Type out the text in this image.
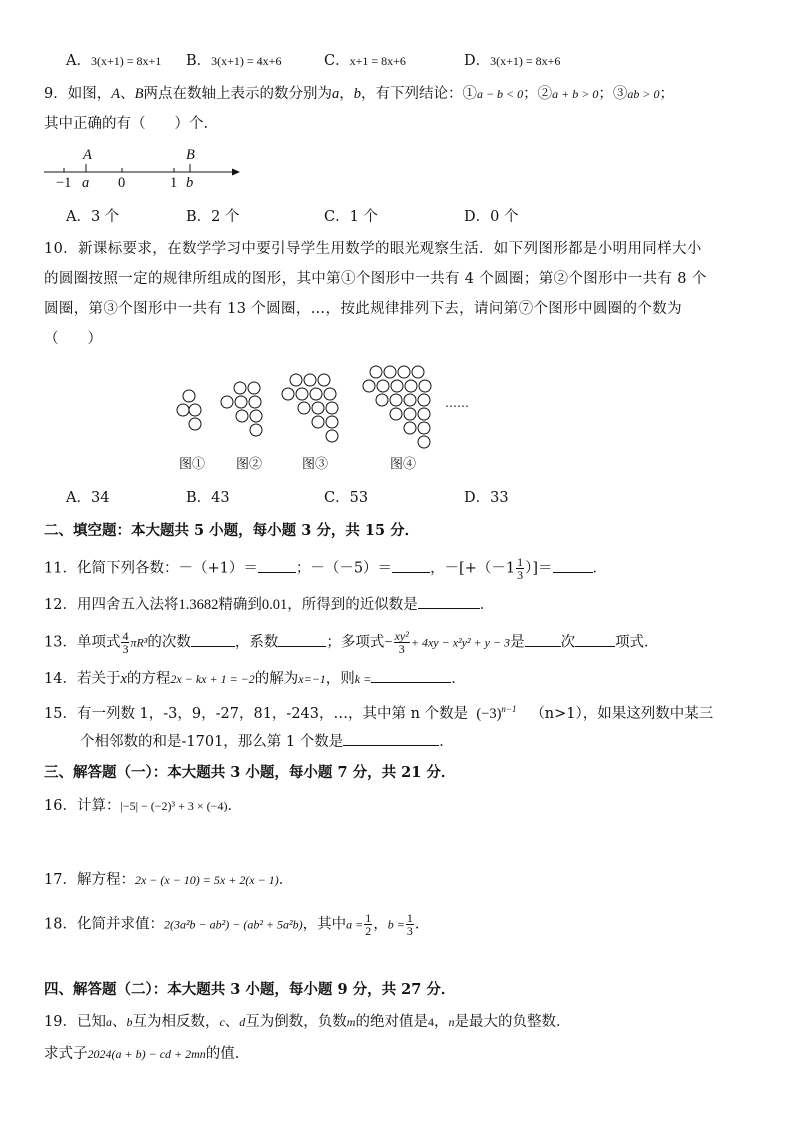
A．3(x+1) = 8x+1 B．3(x+1) = 4x+6	C．x+1 = 8x+6	D．3(x+1) = 8x+6
9．如图，A、B两点在数轴上表示的数分别为a，b，有下列结论：①a − b < 0；②a + b > 0；③ab > 0；
其中正确的有（　　）个．
A	B
−1 a 0	1 b
A．3 个	B．2 个	C．1 个	D．0 个
10．新课标要求，在数学学习中要引导学生用数学的眼光观察生活．如下列图形都是小明用同样大小
的圆圈按照一定的规律所组成的图形，其中第①个图形中一共有 4 个圆圈；第②个图形中一共有 8 个
圆圈，第③个图形中一共有 13 个圆圈，…，按此规律排列下去，请问第⑦个图形中圆圈的个数为
（　　）
……
图① 图②	图③	图④
A．34	B．43	C．53	D．33
二、填空题：本大题共 5 小题，每小题 3 分，共 15 分．
11．化简下列各数：－（+1）＝	；－（－5）＝	，$-[+(-1 \frac{1}{3}$ ）]＝	．
12．用四舍五入法将1.3682精确到0.01，所得到的近似数是	．
13．单项式 $\frac{4}{3} \pi R^3$的次数	，系数	；多项式− $\frac{\text{xy²}}{3} + 4xy - x^2y^2 + y - 3$是 次	项式．
14．若关于x的方程2x − kx + 1 = −2的解为x=−1，则k =	．
15．有一列数 1，-3，9，-27，81，-243，…，其中第 n 个数是 $(-3)^{n-1}$ （n>1），如果这列数中某三
个相邻数的和是-1701，那么第 1 个数是	．
三、解答题（一）：本大题共 3 小题，每小题 7 分，共 21 分．
16．计算：|−5| − (−2)³ + 3 × (−4)．
17．解方程：2x − (x − 10) = 5x + 2(x − 1)．
18．化简并求值：2(3a²b − ab²) − (ab² + 5a²b)，其中$a = \frac{1}{2}$ ，$b = \frac{1}{3}$ ．
四、解答题（二）：本大题共 3 小题，每小题 9 分，共 27 分．
19．已知a、b互为相反数，c、d互为倒数，负数m的绝对值是4，n是最大的负整数．
求式子2024(a + b) − cd + 2mn的值．
